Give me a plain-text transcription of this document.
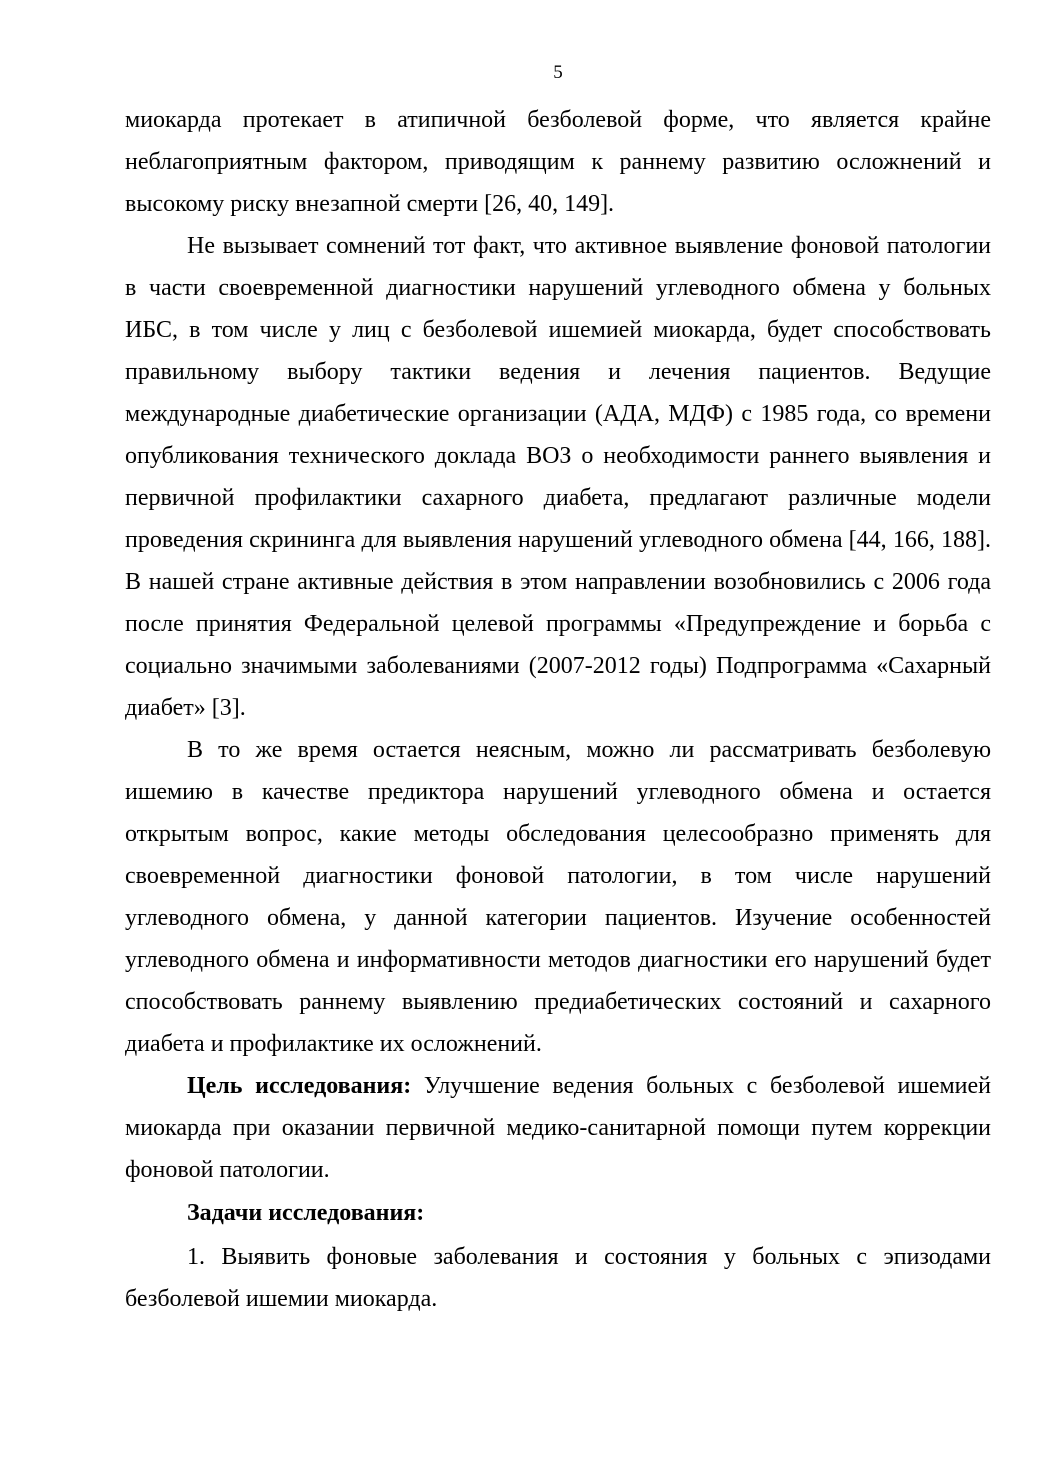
5

миокарда протекает в атипичной безболевой форме, что является крайне неблагоприятным фактором, приводящим к раннему развитию осложнений и высокому риску внезапной смерти [26, 40, 149].

Не вызывает сомнений тот факт, что активное выявление фоновой патологии в части своевременной диагностики нарушений углеводного обмена у больных ИБС, в том числе у лиц с безболевой ишемией миокарда, будет способствовать правильному выбору тактики ведения и лечения пациентов. Ведущие международные диабетические организации (АДА, МДФ) с 1985 года, со времени опубликования технического доклада ВОЗ о необходимости раннего выявления и первичной профилактики сахарного диабета, предлагают различные модели проведения скрининга для выявления нарушений углеводного обмена [44, 166, 188]. В нашей стране активные действия в этом направлении возобновились с 2006 года после принятия Федеральной целевой программы «Предупреждение и борьба с социально значимыми заболеваниями (2007-2012 годы) Подпрограмма «Сахарный диабет» [3].

В то же время остается неясным, можно ли рассматривать безболевую ишемию в качестве предиктора нарушений углеводного обмена и остается открытым вопрос, какие методы обследования целесообразно применять для своевременной диагностики фоновой патологии, в том числе нарушений углеводного обмена, у данной категории пациентов. Изучение особенностей углеводного обмена и информативности методов диагностики его нарушений будет способствовать раннему выявлению предиабетических состояний и сахарного диабета и профилактике их осложнений.

Цель исследования: Улучшение ведения больных с безболевой ишемией миокарда при оказании первичной медико-санитарной помощи путем коррекции фоновой патологии.

Задачи исследования:

1. Выявить фоновые заболевания и состояния у больных с эпизодами безболевой ишемии миокарда.
